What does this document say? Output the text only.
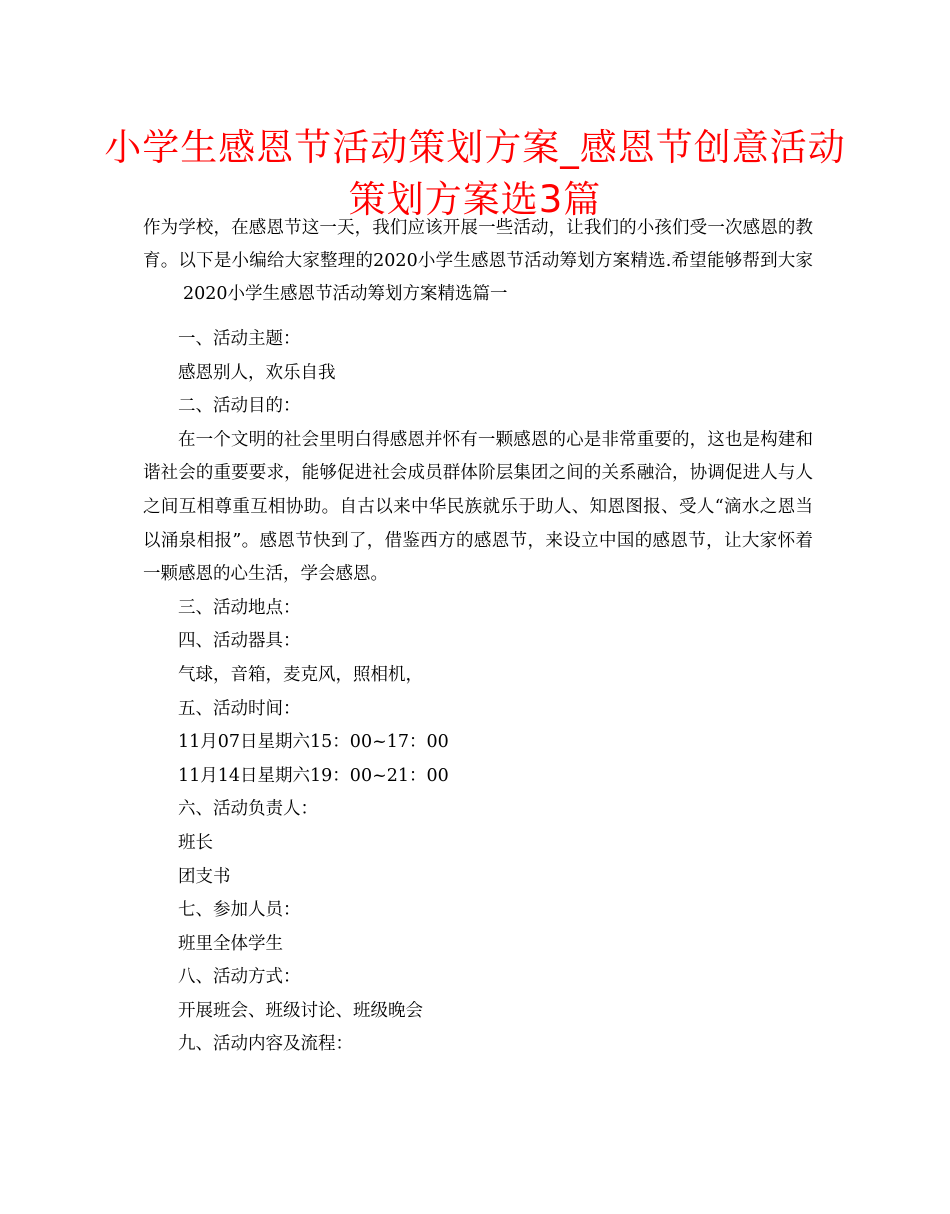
小学生感恩节活动策划方案_感恩节创意活动策划方案选3篇

作为学校，在感恩节这一天，我们应该开展一些活动，让我们的小孩们受一次感恩的教育。以下是小编给大家整理的2020小学生感恩节活动筹划方案精选.希望能够帮到大家2020小学生感恩节活动筹划方案精选篇一

一、活动主题：

感恩别人，欢乐自我

二、活动目的：

在一个文明的社会里明白得感恩并怀有一颗感恩的心是非常重要的，这也是构建和谐社会的重要要求，能够促进社会成员群体阶层集团之间的关系融洽，协调促进人与人之间互相尊重互相协助。自古以来中华民族就乐于助人、知恩图报、受人“滴水之恩当以涌泉相报”。感恩节快到了，借鉴西方的感恩节，来设立中国的感恩节，让大家怀着一颗感恩的心生活，学会感恩。

三、活动地点：

四、活动器具：

气球，音箱，麦克风，照相机，

五、活动时间：

11月07日星期六15：00~17：00

11月14日星期六19：00~21：00

六、活动负责人：

班长

团支书

七、参加人员：

班里全体学生

八、活动方式：

开展班会、班级讨论、班级晚会

九、活动内容及流程：
